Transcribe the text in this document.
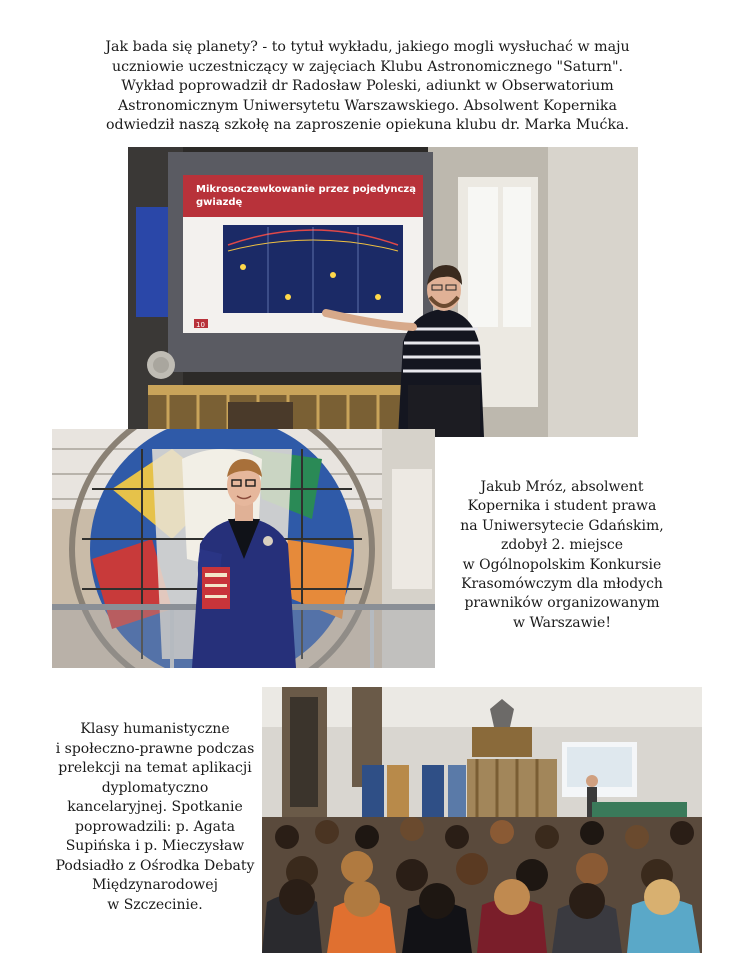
Jak bada się planety? - to tytuł wykładu, jakiego mogli wysłuchać w maju
uczniowie uczestniczący w zajęciach Klubu Astronomicznego "Saturn".
Wykład poprowadził dr Radosław Poleski, adiunkt w Obserwatorium
Astronomicznym Uniwersytetu Warszawskiego. Absolwent Kopernika
odwiedził naszą szkołę na zaproszenie opiekuna klubu dr. Marka Mućka.
Mikrosoczewkowanie przez pojedynczą
gwiazdę
10
Jakub Mróz, absolwent
Kopernika i student prawa
na Uniwersytecie Gdańskim,
zdobył 2. miejsce
w Ogólnopolskim Konkursie
Krasomówczym dla młodych
prawników organizowanym
w Warszawie!
Klasy humanistyczne
i społeczno-prawne podczas
prelekcji na temat aplikacji
dyplomatyczno
kancelaryjnej. Spotkanie
poprowadzili: p. Agata
Supińska i p. Mieczysław
Podsiadło z Ośrodka Debaty
Międzynarodowej
w Szczecinie.
